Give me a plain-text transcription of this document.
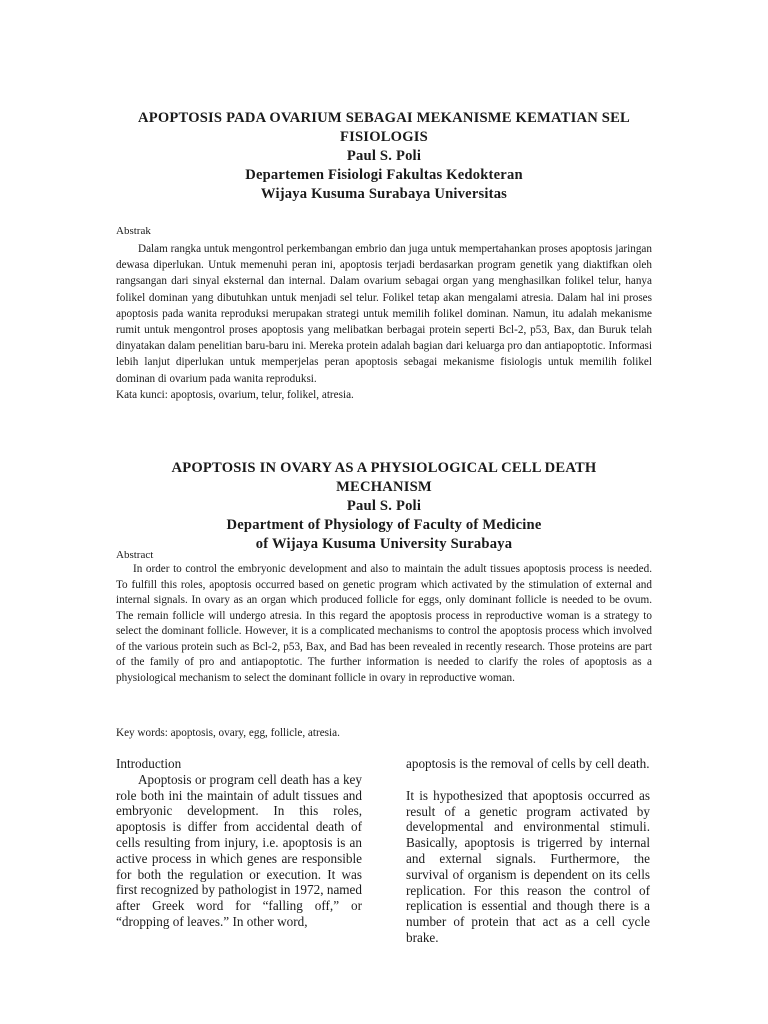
APOPTOSIS PADA OVARIUM SEBAGAI MEKANISME KEMATIAN SEL
FISIOLOGIS
Paul S. Poli
Departemen Fisiologi Fakultas Kedokteran
Wijaya Kusuma Surabaya Universitas
Abstrak

Dalam rangka untuk mengontrol perkembangan embrio dan juga untuk mempertahankan proses apoptosis jaringan dewasa diperlukan. Untuk memenuhi peran ini, apoptosis terjadi berdasarkan program genetik yang diaktifkan oleh rangsangan dari sinyal eksternal dan internal. Dalam ovarium sebagai organ yang menghasilkan folikel telur, hanya folikel dominan yang dibutuhkan untuk menjadi sel telur. Folikel tetap akan mengalami atresia. Dalam hal ini proses apoptosis pada wanita reproduksi merupakan strategi untuk memilih folikel dominan. Namun, itu adalah mekanisme rumit untuk mengontrol proses apoptosis yang melibatkan berbagai protein seperti Bcl-2, p53, Bax, dan Buruk telah dinyatakan dalam penelitian baru-baru ini. Mereka protein adalah bagian dari keluarga pro dan antiapoptotic. Informasi lebih lanjut diperlukan untuk memperjelas peran apoptosis sebagai mekanisme fisiologis untuk memilih folikel dominan di ovarium pada wanita reproduksi.

Kata kunci: apoptosis, ovarium, telur, folikel, atresia.

APOPTOSIS IN OVARY AS A PHYSIOLOGICAL CELL DEATH
MECHANISM
Paul S. Poli
Department of Physiology of Faculty of Medicine
of Wijaya Kusuma University Surabaya
Abstract

In order to control the embryonic development and also to maintain the adult tissues apoptosis process is needed. To fulfill this roles, apoptosis occurred based on genetic program which activated by the stimulation of external and internal signals. In ovary as an organ which produced follicle for eggs, only dominant follicle is needed to be ovum. The remain follicle will undergo atresia. In this regard the apoptosis process in reproductive woman is a strategy to select the dominant follicle. However, it is a complicated mechanisms to control the apoptosis process which involved of the various protein such as Bcl-2, p53, Bax, and Bad has been revealed in recently research. Those proteins are part of the family of pro and antiapoptotic. The further information is needed to clarify the roles of apoptosis as a physiological mechanism to select the dominant follicle in ovary in reproductive woman.

Key words: apoptosis, ovary, egg, follicle, atresia.

Introduction

Apoptosis or program cell death has a key role both ini the maintain of adult tissues and embryonic development. In this roles, apoptosis is differ from accidental death of cells resulting from injury, i.e. apoptosis is an active process in which genes are responsible for both the regulation or execution. It was first recognized by pathologist in 1972, named after Greek word for “falling off,” or “dropping of leaves.” In other word,

apoptosis is the removal of cells by cell death.

It is hypothesized that apoptosis occurred as result of a genetic program activated by developmental and environmental stimuli. Basically, apoptosis is trigerred by internal and external signals. Furthermore, the survival of organism is dependent on its cells replication. For this reason the control of replication is essential and though there is a number of protein that act as a cell cycle brake.
